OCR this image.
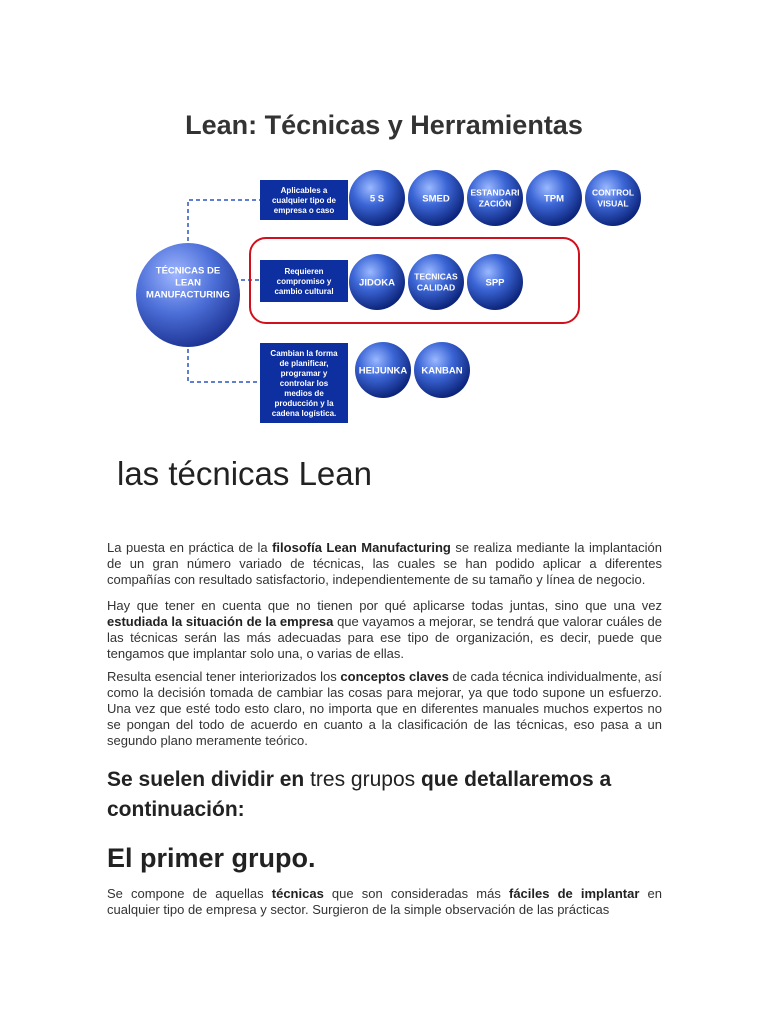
Lean: Técnicas y Herramientas
Aplicables a cualquier tipo de empresa o caso
Requieren compromiso y cambio cultural
Cambian la forma de planificar, programar y controlar los medios de producción y la cadena logística.
5 S	SMED
ESTANDARI ZACIÓN	TPM
CONTROL VISUAL
JIDOKA
TECNICAS CALIDAD	SPP
HEIJUNKA KANBAN
TÉCNICAS DE LEAN MANUFACTURING
las técnicas Lean

La puesta en práctica de la filosofía Lean Manufacturing se realiza mediante la implantación de un gran número variado de técnicas, las cuales se han podido aplicar a diferentes compañías con resultado satisfactorio, independientemente de su tamaño y línea de negocio.

Hay que tener en cuenta que no tienen por qué aplicarse todas juntas, sino que una vez estudiada la situación de la empresa que vayamos a mejorar, se tendrá que valorar cuáles de las técnicas serán las más adecuadas para ese tipo de organización, es decir, puede que tengamos que implantar solo una, o varias de ellas.

Resulta esencial tener interiorizados los conceptos claves de cada técnica individualmente, así como la decisión tomada de cambiar las cosas para mejorar, ya que todo supone un esfuerzo. Una vez que esté todo esto claro, no importa que en diferentes manuales muchos expertos no se pongan del todo de acuerdo en cuanto a la clasificación de las técnicas, eso pasa a un segundo plano meramente teórico.

Se suelen dividir en tres grupos que detallaremos a continuación:
El primer grupo.

Se compone de aquellas técnicas que son consideradas más fáciles de implantar en cualquier tipo de empresa y sector. Surgieron de la simple observación de las prácticas
